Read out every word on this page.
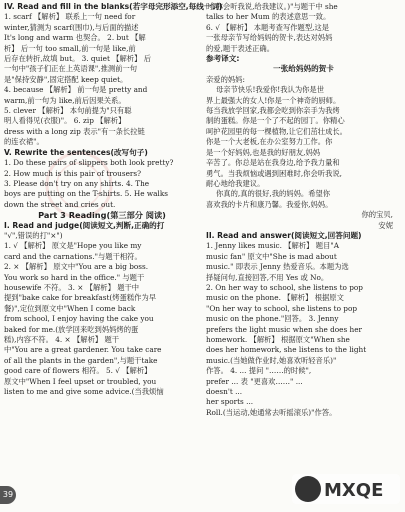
IV. Read and fill in the blanks(若字母完形添空,每线一词)

1. scarf 【解析】 联系上一句 need for

winter,猜测为 scarf(围巾),与后面的描述

It's long and warm 也契合。 2. but 【解

析】 后一句 too small,前一句是 like,前

后存在转折,故填 but。 3. quiet 【解析】 后

一句中"孩子们正在上英语课",推测前一句

是"保持安静",固定搭配 keep quiet。

4. because 【解析】 前一句是 pretty and

warm,前一句为 like,前后因果关系。

5. clever 【解析】 本句前提为"只有聪

明人看得见(衣服)"。 6. zip 【解析】

dress with a long zip 表示"有一条长拉链

的连衣裙"。

V. Rewrite the sentences(改写句子)

1. Do these pairs of slippers both look pretty?

2. How much is this pair of trousers?

3. Please don't try on any shirts. 4. The

boys are putting on the T-shirts. 5. He walks

down the street and cries out.

Part 3 Reading(第三部分 阅读)

I. Read and judge(阅读短文,判断,正确的打

"√",错误的打"×")

1. √ 【解析】 原文是"Hope you like my

card and the carnations."与题干相符。

2. × 【解析】 原文中"You are a big boss.

You work so hard in the office." 与题干

housewife 不符。 3. × 【解析】 题干中

提到"bake cake for breakfast(烤蛋糕作为早

餐)",定位到原文中"When I come back

from school, I enjoy having the cake you

baked for me.(放学回来吃到妈妈烤的蛋

糕),内容不符。 4. × 【解析】 题干

中"You are a great gardener. You take care

of all the plants in the garden",与题干take

good care of flowers 相符。 5. √ 【解析】

原文中"When I feel upset or troubled, you

listen to me and give some advice.(当我烦恼

时,你会听我说,给我建议。)"与题干中 she

talks to her Mum 的表述意思一致。

6. √ 【解析】 本题考查写作题型,这是

一张母亲节写给妈妈的贺卡,表达对妈妈

的爱,题干表述正确。

参考译文:

一张给妈妈的贺卡

亲爱的妈妈:

母亲节快乐!我爱你!我认为你是世

界上最强大的女人!你是一个神奇的厨师。

每当我放学回家,我都会吃到你亲手为我烤

制的蛋糕。你是一个了不起的园丁。你精心

呵护花园里的每一棵植物,让它们茁壮成长。

你是一个大老板,在办公室努力工作。你

是一个好妈妈,也是我的好朋友,妈妈

辛苦了。你总是站在我身边,给予我力量和

勇气。当我烦恼或遇到困难时,你会听我说,

耐心地给我建议。

你真的,真的很好,我的妈妈。希望你

喜欢我的卡片和康乃馨。我爱你,妈妈。

你的宝贝,

安妮

II. Read and answer(阅读短文,回答问题)

1. Jenny likes music. 【解析】 题目"A

music fan" 原文中"She is mad about

music." 即表示 Jenny 热爱音乐。本题为选

择疑问句,直接回答,不用 Yes 或 No。

2. On her way to school, she listens to pop

music on the phone. 【解析】 根据原文

"On her way to school, she listens to pop

music on the phone."回答。 3. Jenny

prefers the light music when she does her

homework. 【解析】 根据原文"When she

does her homework, she listens to the light

music.(当她做作业时,她喜欢听轻音乐)"

作答。 4. ... 提问 "……的时候",

prefer ... 表 "更喜欢……" ...

doesn't ...

her sports ...

Roll.(当运动,她通常去听摇滚乐)"作答。

39	MXQE
